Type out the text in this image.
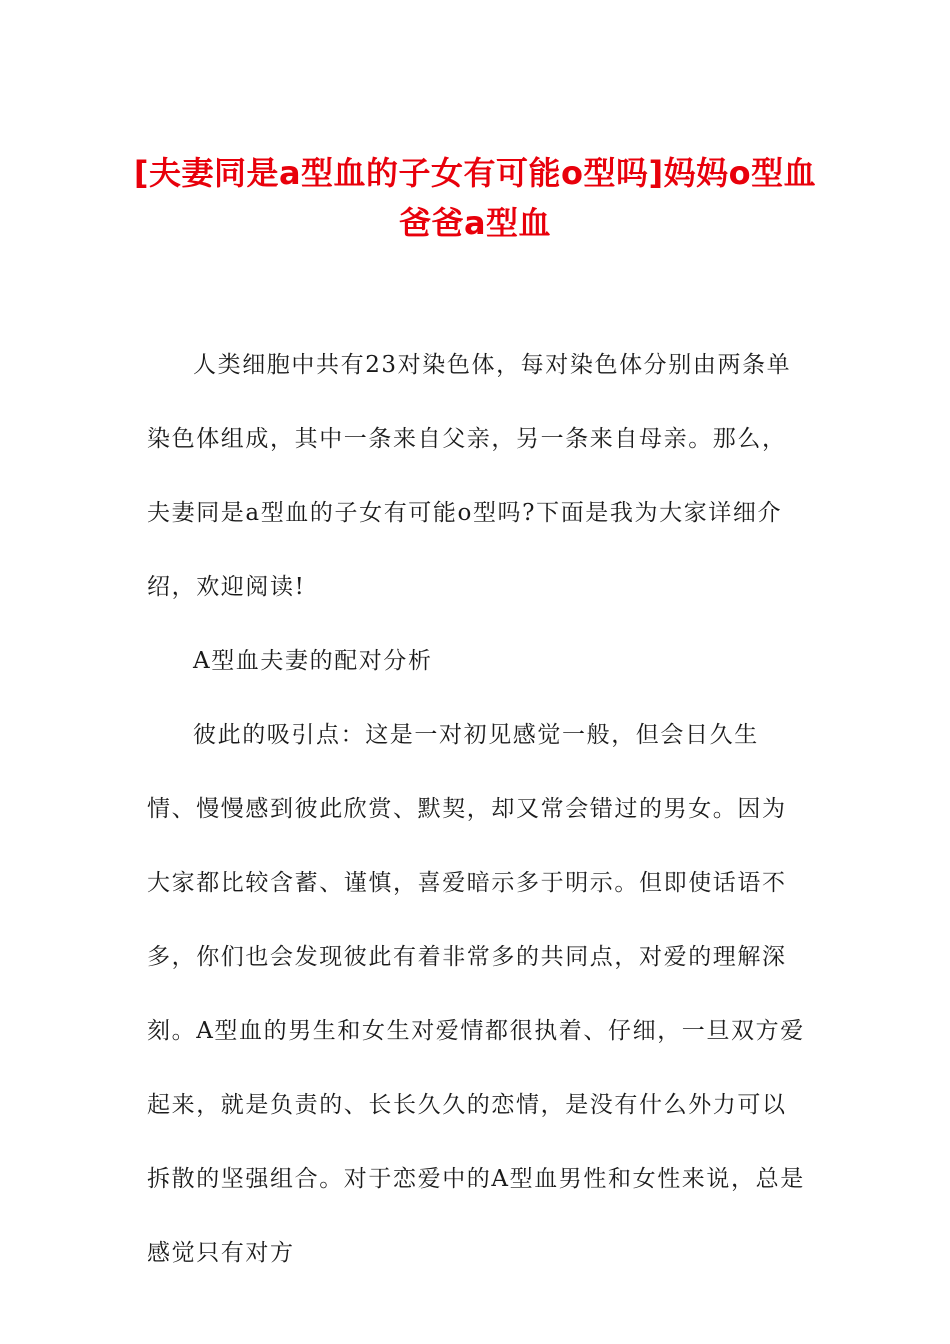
[夫妻同是a型血的子女有可能o型吗]妈妈o型血爸爸a型血

人类细胞中共有23对染色体，每对染色体分别由两条单染色体组成，其中一条来自父亲，另一条来自母亲。那么，夫妻同是a型血的子女有可能o型吗?下面是我为大家详细介绍，欢迎阅读!

A型血夫妻的配对分析

彼此的吸引点：这是一对初见感觉一般，但会日久生情、慢慢感到彼此欣赏、默契，却又常会错过的男女。因为大家都比较含蓄、谨慎，喜爱暗示多于明示。但即使话语不多，你们也会发现彼此有着非常多的共同点，对爱的理解深刻。A型血的男生和女生对爱情都很执着、仔细，一旦双方爱起来，就是负责的、长长久久的恋情，是没有什么外力可以拆散的坚强组合。对于恋爱中的A型血男性和女性来说，总是感觉只有对方
